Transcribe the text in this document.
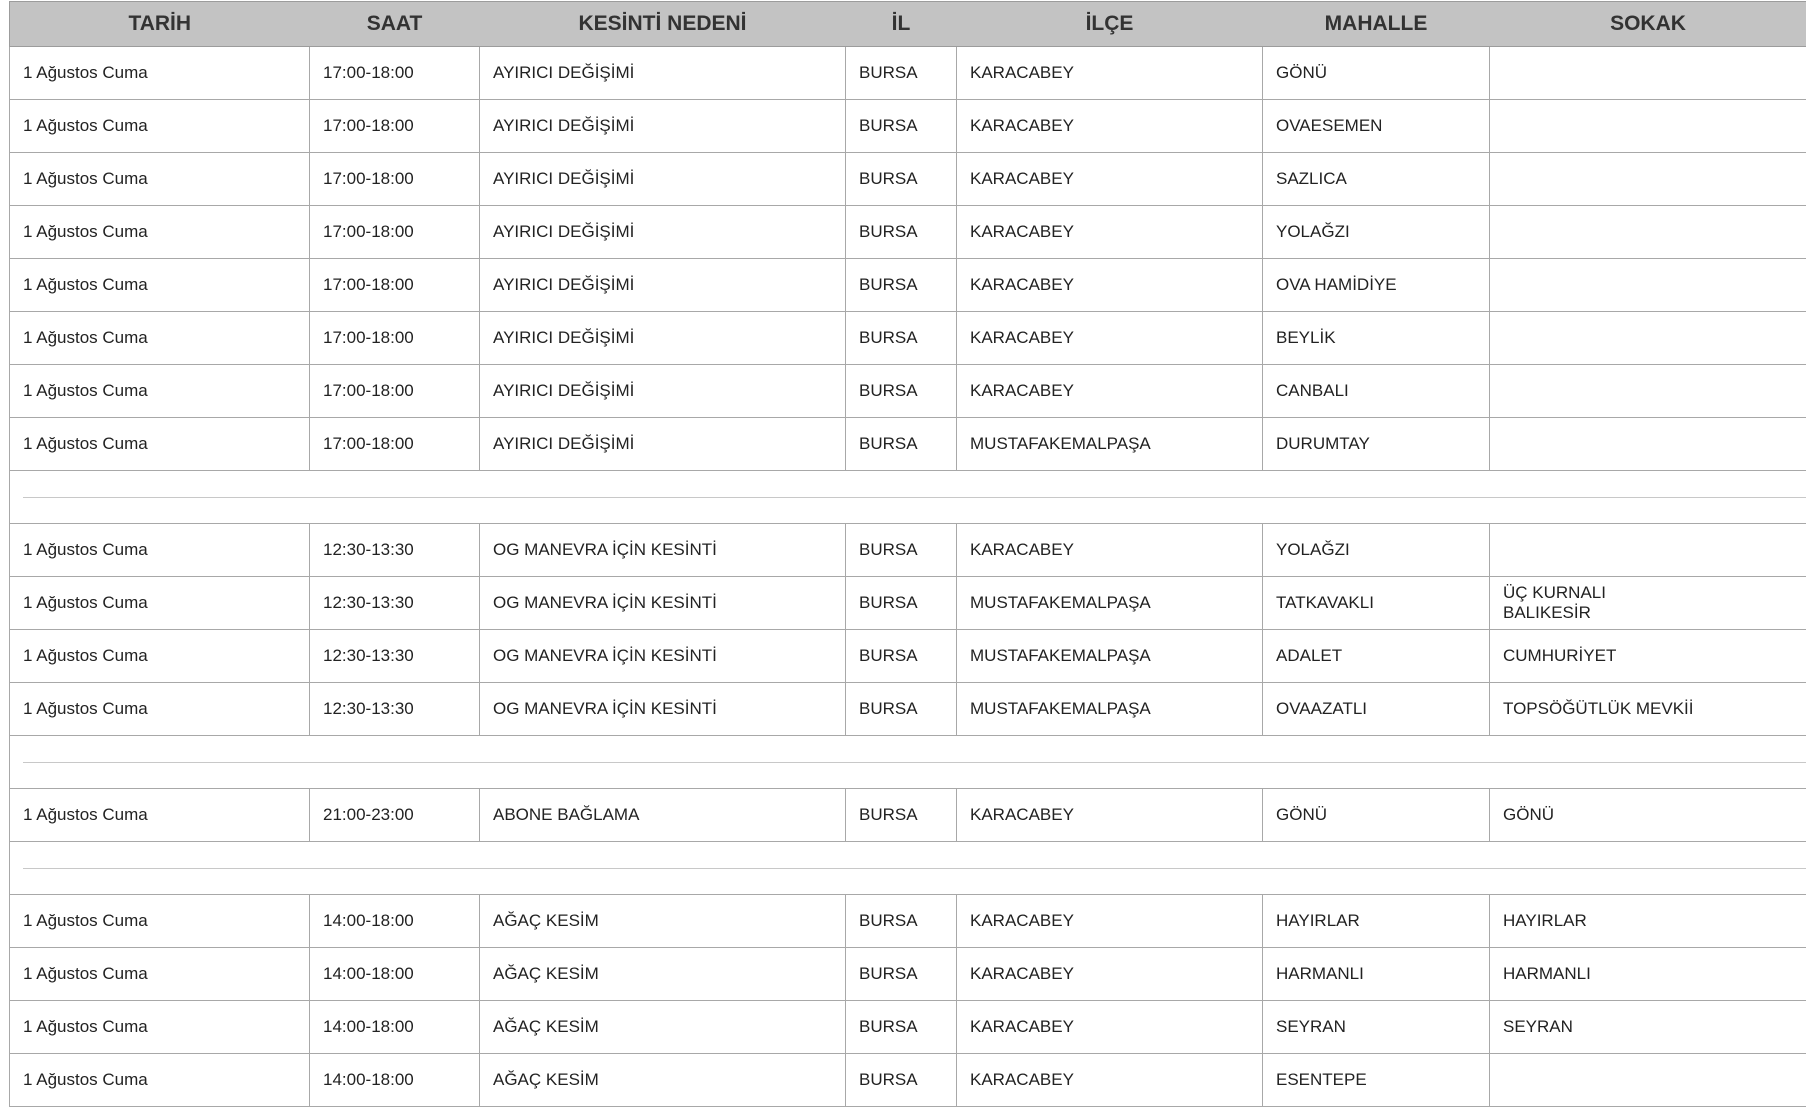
TARİH	SAAT	KESİNTİ NEDENİ	İL	İLÇE	MAHALLE	SOKAK
1 Ağustos Cuma	17:00-18:00	AYIRICI DEĞİŞİMİ	BURSA	KARACABEY	GÖNÜ	
1 Ağustos Cuma	17:00-18:00	AYIRICI DEĞİŞİMİ	BURSA	KARACABEY	OVAESEMEN	
1 Ağustos Cuma	17:00-18:00	AYIRICI DEĞİŞİMİ	BURSA	KARACABEY	SAZLICA	
1 Ağustos Cuma	17:00-18:00	AYIRICI DEĞİŞİMİ	BURSA	KARACABEY	YOLAĞZI	
1 Ağustos Cuma	17:00-18:00	AYIRICI DEĞİŞİMİ	BURSA	KARACABEY	OVA HAMİDİYE	
1 Ağustos Cuma	17:00-18:00	AYIRICI DEĞİŞİMİ	BURSA	KARACABEY	BEYLİK	
1 Ağustos Cuma	17:00-18:00	AYIRICI DEĞİŞİMİ	BURSA	KARACABEY	CANBALI	
1 Ağustos Cuma	17:00-18:00	AYIRICI DEĞİŞİMİ	BURSA	MUSTAFAKEMALPAŞA	DURUMTAY	

1 Ağustos Cuma	12:30-13:30	OG MANEVRA İÇİN KESİNTİ	BURSA	KARACABEY	YOLAĞZI	
1 Ağustos Cuma	12:30-13:30	OG MANEVRA İÇİN KESİNTİ	BURSA	MUSTAFAKEMALPAŞA	TATKAVAKLI	ÜÇ KURNALI
BALIKESİR

1 Ağustos Cuma	12:30-13:30	OG MANEVRA İÇİN KESİNTİ	BURSA	MUSTAFAKEMALPAŞA	ADALET	CUMHURİYET
1 Ağustos Cuma	12:30-13:30	OG MANEVRA İÇİN KESİNTİ	BURSA	MUSTAFAKEMALPAŞA	OVAAZATLI	TOPSÖĞÜTLÜK MEVKİİ

1 Ağustos Cuma	21:00-23:00	ABONE BAĞLAMA	BURSA	KARACABEY	GÖNÜ	GÖNÜ

1 Ağustos Cuma	14:00-18:00	AĞAÇ KESİM	BURSA	KARACABEY	HAYIRLAR	HAYIRLAR
1 Ağustos Cuma	14:00-18:00	AĞAÇ KESİM	BURSA	KARACABEY	HARMANLI	HARMANLI
1 Ağustos Cuma	14:00-18:00	AĞAÇ KESİM	BURSA	KARACABEY	SEYRAN	SEYRAN
1 Ağustos Cuma	14:00-18:00	AĞAÇ KESİM	BURSA	KARACABEY	ESENTEPE	
